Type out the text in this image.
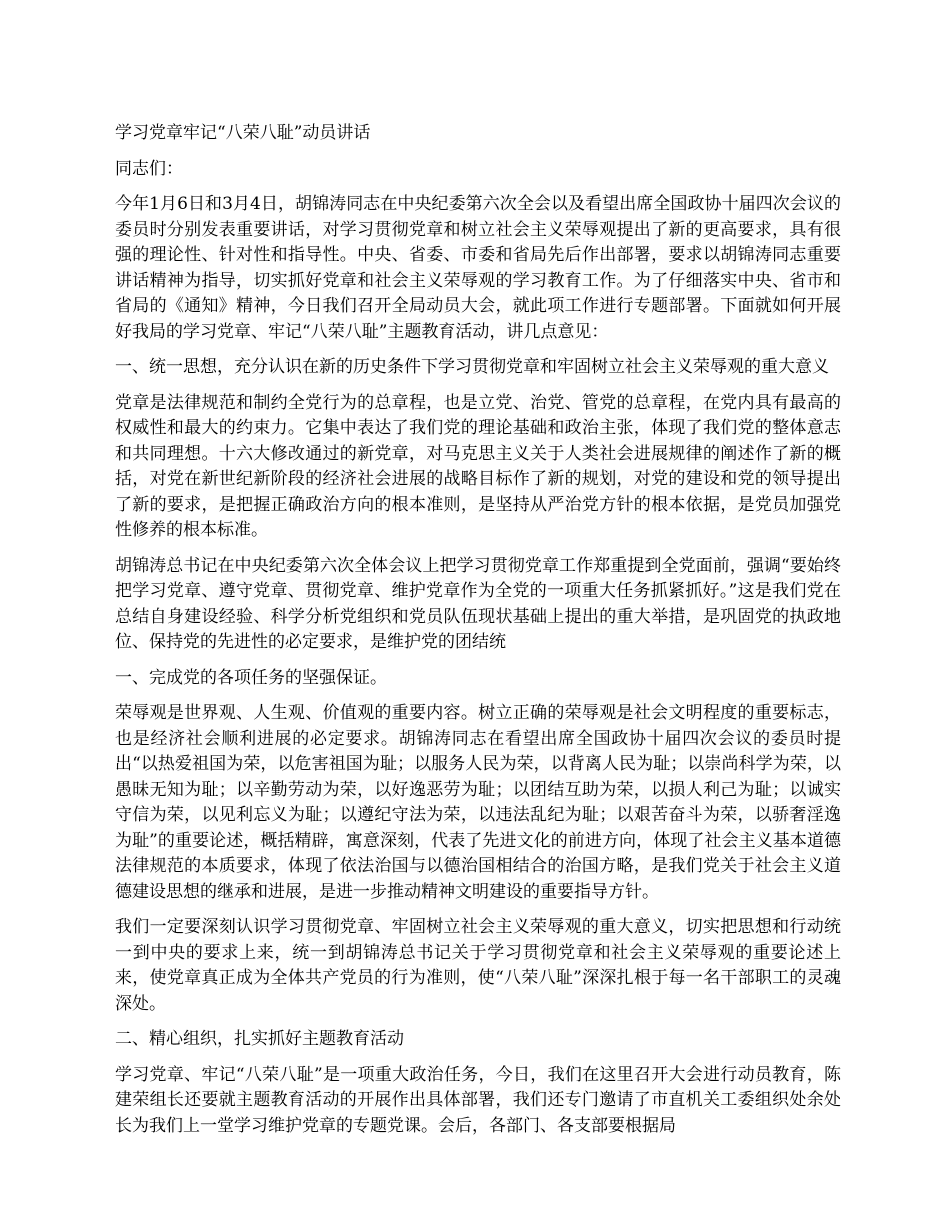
学习党章牢记“八荣八耻”动员讲话

同志们：

今年1月6日和3月4日，胡锦涛同志在中央纪委第六次全会以及看望出席全国政协十届四次会议的委员时分别发表重要讲话，对学习贯彻党章和树立社会主义荣辱观提出了新的更高要求，具有很强的理论性、针对性和指导性。中央、省委、市委和省局先后作出部署，要求以胡锦涛同志重要讲话精神为指导，切实抓好党章和社会主义荣辱观的学习教育工作。为了仔细落实中央、省市和省局的《通知》精神，今日我们召开全局动员大会，就此项工作进行专题部署。下面就如何开展好我局的学习党章、牢记“八荣八耻”主题教育活动，讲几点意见：

一、统一思想，充分认识在新的历史条件下学习贯彻党章和牢固树立社会主义荣辱观的重大意义

党章是法律规范和制约全党行为的总章程，也是立党、治党、管党的总章程，在党内具有最高的权威性和最大的约束力。它集中表达了我们党的理论基础和政治主张，体现了我们党的整体意志和共同理想。十六大修改通过的新党章，对马克思主义关于人类社会进展规律的阐述作了新的概括，对党在新世纪新阶段的经济社会进展的战略目标作了新的规划，对党的建设和党的领导提出了新的要求，是把握正确政治方向的根本准则，是坚持从严治党方针的根本依据，是党员加强党性修养的根本标准。

胡锦涛总书记在中央纪委第六次全体会议上把学习贯彻党章工作郑重提到全党面前，强调“要始终把学习党章、遵守党章、贯彻党章、维护党章作为全党的一项重大任务抓紧抓好。”这是我们党在总结自身建设经验、科学分析党组织和党员队伍现状基础上提出的重大举措，是巩固党的执政地位、保持党的先进性的必定要求，是维护党的团结统

一、完成党的各项任务的坚强保证。

荣辱观是世界观、人生观、价值观的重要内容。树立正确的荣辱观是社会文明程度的重要标志，也是经济社会顺利进展的必定要求。胡锦涛同志在看望出席全国政协十届四次会议的委员时提出“以热爱祖国为荣，以危害祖国为耻；以服务人民为荣，以背离人民为耻；以崇尚科学为荣，以愚昧无知为耻；以辛勤劳动为荣，以好逸恶劳为耻；以团结互助为荣，以损人利己为耻；以诚实守信为荣，以见利忘义为耻；以遵纪守法为荣，以违法乱纪为耻；以艰苦奋斗为荣，以骄奢淫逸为耻”的重要论述，概括精辟，寓意深刻，代表了先进文化的前进方向，体现了社会主义基本道德法律规范的本质要求，体现了依法治国与以德治国相结合的治国方略，是我们党关于社会主义道德建设思想的继承和进展，是进一步推动精神文明建设的重要指导方针。

我们一定要深刻认识学习贯彻党章、牢固树立社会主义荣辱观的重大意义，切实把思想和行动统一到中央的要求上来，统一到胡锦涛总书记关于学习贯彻党章和社会主义荣辱观的重要论述上来，使党章真正成为全体共产党员的行为准则，使“八荣八耻”深深扎根于每一名干部职工的灵魂深处。

二、精心组织，扎实抓好主题教育活动

学习党章、牢记“八荣八耻”是一项重大政治任务，今日，我们在这里召开大会进行动员教育，陈建荣组长还要就主题教育活动的开展作出具体部署，我们还专门邀请了市直机关工委组织处余处长为我们上一堂学习维护党章的专题党课。会后，各部门、各支部要根据局
